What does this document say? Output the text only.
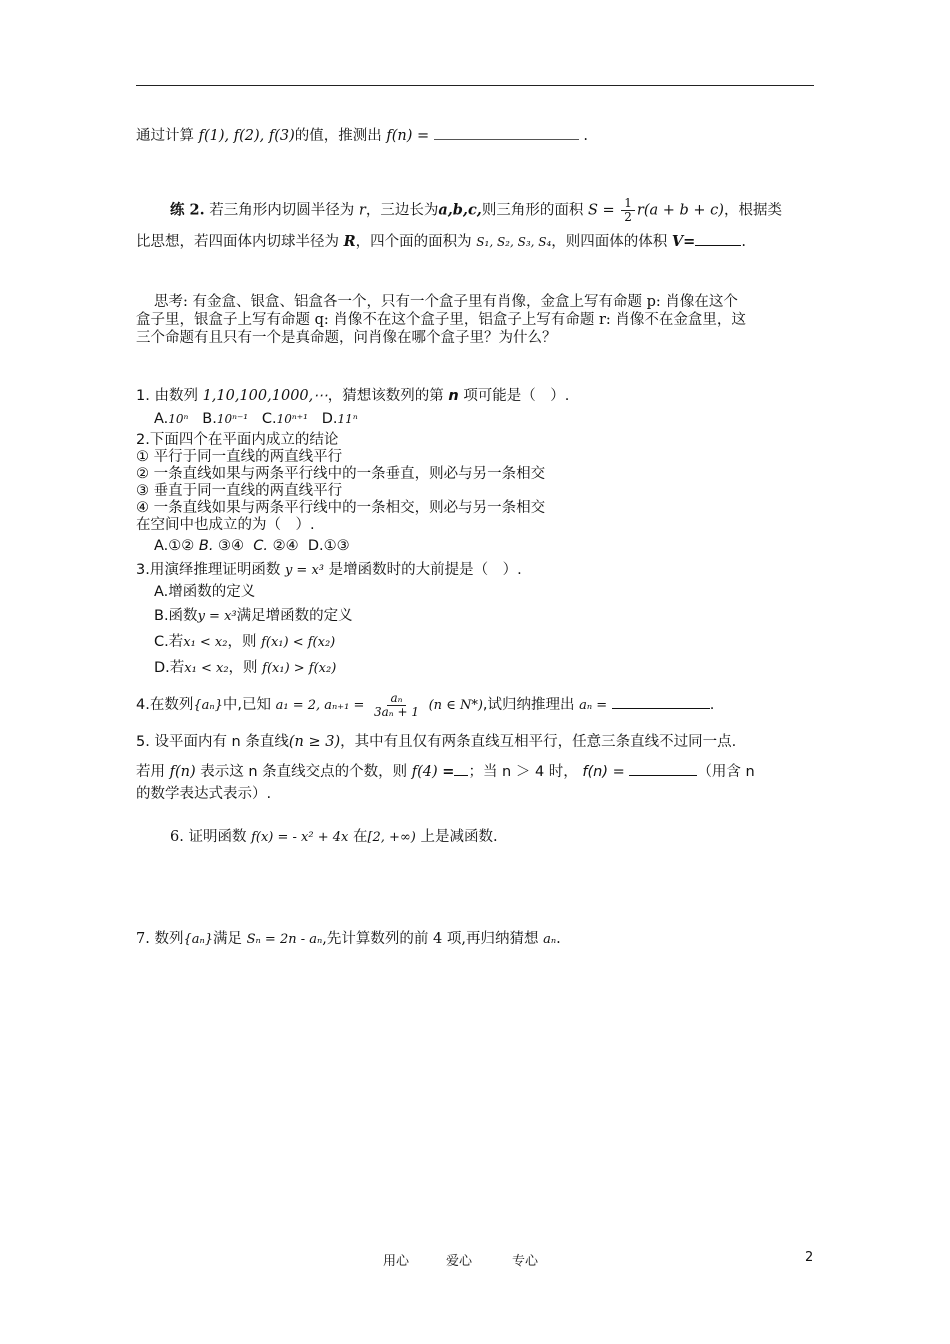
通过计算 f(1), f(2), f(3)的值，推测出 f(n) =	.
练 2. 若三角形内切圆半径为 r，三边长为a,b,c,则三角形的面积 $S = \frac{1}{2} r(a + b + c)$，根据类
比思想，若四面体内切球半径为 R，四个面的面积为 S₁, S₂, S₃, S₄，则四面体的体积 V=	.
思考: 有金盒、银盒、铝盒各一个，只有一个盒子里有肖像，金盒上写有命题 p: 肖像在这个
盒子里，银盒子上写有命题 q: 肖像不在这个盒子里，铝盒子上写有命题 r: 肖像不在金盒里，这
三个命题有且只有一个是真命题，问肖像在哪个盒子里？为什么？
1. 由数列 1,10,100,1000,⋯，猜想该数列的第 n 项可能是（　）.
A.10ⁿ B.10ⁿ⁻¹ C.10ⁿ⁺¹ D.11ⁿ
2.下面四个在平面内成立的结论
① 平行于同一直线的两直线平行
② 一条直线如果与两条平行线中的一条垂直，则必与另一条相交
③ 垂直于同一直线的两直线平行
④ 一条直线如果与两条平行线中的一条相交，则必与另一条相交
在空间中也成立的为（　）.
A.①② B. ③④ C. ②④ D.①③
3.用演绎推理证明函数 y = x³ 是增函数时的大前提是（　）.
A.增函数的定义
B.函数y = x³满足增函数的定义
C.若x₁ < x₂，则 f(x₁) < f(x₂)
D.若x₁ < x₂，则 f(x₁) > f(x₂)
4.在数列{aₙ}中,已知 a₁ = 2, $a_{n+1} = \frac{\text{aₙ}}{\text{3aₙ + 1}} (n$ ∈ N*),试归纳推理出 aₙ =	.
5. 设平面内有 n 条直线(n ≥ 3)，其中有且仅有两条直线互相平行，任意三条直线不过同一点.
若用 f(n) 表示这 n 条直线交点的个数，则 f(4) = ；当 n ＞ 4 时， f(n) =	（用含 n
的数学表达式表示）.
6. 证明函数 f(x) = - x² + 4x 在[2, +∞) 上是减函数.
7. 数列{aₙ}满足 Sₙ = 2n - aₙ,先计算数列的前 4 项,再归纳猜想 aₙ.
用心	爱心	专心	2
